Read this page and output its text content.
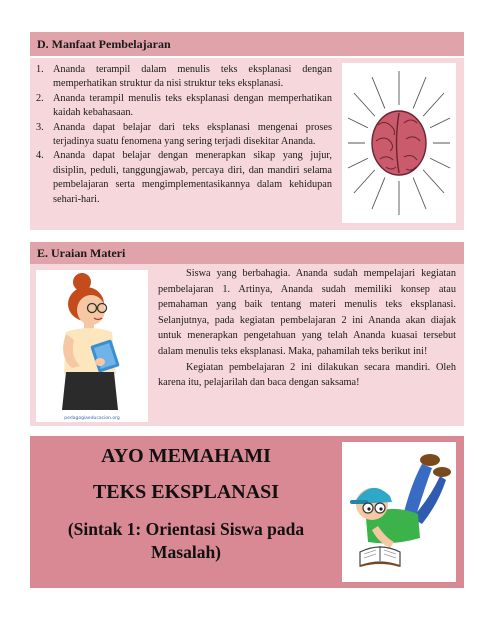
D. Manfaat Pembelajaran
1. Ananda terampil dalam menulis teks eksplanasi dengan memperhatikan struktur da nisi struktur teks eksplanasi.
2. Ananda terampil menulis teks eksplanasi dengan memperhatikan kaidah kebahasaan.
3. Ananda dapat belajar dari teks eksplanasi mengenai proses terjadinya suatu fenomena yang sering terjadi disekitar Ananda.
4. Ananda dapat belajar dengan menerapkan sikap yang jujur, disiplin, peduli, tanggungjawab, percaya diri, dan mandiri selama pembelajaran serta mengimplementasikannya dalam kehidupan sehari-hari.
E. Uraian Materi
pedagogiaeducacion.org

Siswa yang berbahagia. Ananda sudah mempelajari kegiatan pembelajaran 1. Artinya, Ananda sudah memiliki konsep atau pemahaman yang baik tentang materi menulis teks eksplanasi. Selanjutnya, pada kegiatan pembelajaran 2 ini Ananda akan diajak untuk menerapkan pengetahuan yang telah Ananda kuasai tersebut dalam menulis teks eksplanasi. Maka, pahamilah teks berikut ini!

Kegiatan pembelajaran 2 ini dilakukan secara mandiri. Oleh karena itu, pelajarilah dan baca dengan saksama!

AYO MEMAHAMI
TEKS EKSPLANASI
(Sintak 1: Orientasi Siswa pada Masalah)
